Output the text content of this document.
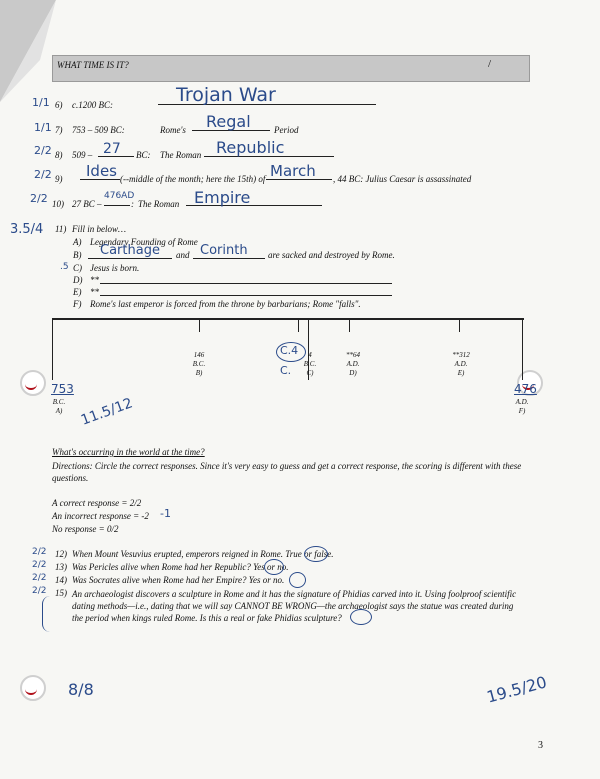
WHAT TIME IS IT?	/
1/1 6) c.1200 BC:	Trojan War
1/1 7) 753 – 509 BC:	Rome's Regal	Period
2/2 8) 509 – 27 BC: The Roman Republic
2/2 9) Ides (--middle of the month; here the 15th) of March , 44 BC: Julius Caesar is assassinated
2/2 10) 27 BC –
476AD
: The Roman Empire
3.5/4 11) Fill in below…
A) Legendary Founding of Rome
B) Carthage and Corinth are sacked and destroyed by Rome.
.5 C) Jesus is born.
D) **
E) **
F) Rome's last emperor is forced from the throne by barbarians; Rome "falls".
146
B.C.
B)
4
B.C.
C)
C.4
C.
**64
A.D.
D)
**312
A.D.
E)
753
B.C.
A)
476
A.D.
F)
11.5/12
What's occurring in the world at the time?
Directions: Circle the correct responses. Since it's very easy to guess and get a correct response, the scoring is different with these questions.
A correct response = 2/2
An incorrect response = -2 -1
No response = 0/2
2/2 12) When Mount Vesuvius erupted, emperors reigned in Rome. True or false.
2/2 13) Was Pericles alive when Rome had her Republic? Yes or no.
2/2 14) Was Socrates alive when Rome had her Empire? Yes or no.
2/2 15) An archaeologist discovers a sculpture in Rome and it has the signature of Phidias carved into it. Using foolproof scientific dating methods—i.e., dating that we will say CANNOT BE WRONG—the archaeologist says the statue was created during the period when kings ruled Rome. Is this a real or fake Phidias sculpture?
8/8	19.5/20
3
